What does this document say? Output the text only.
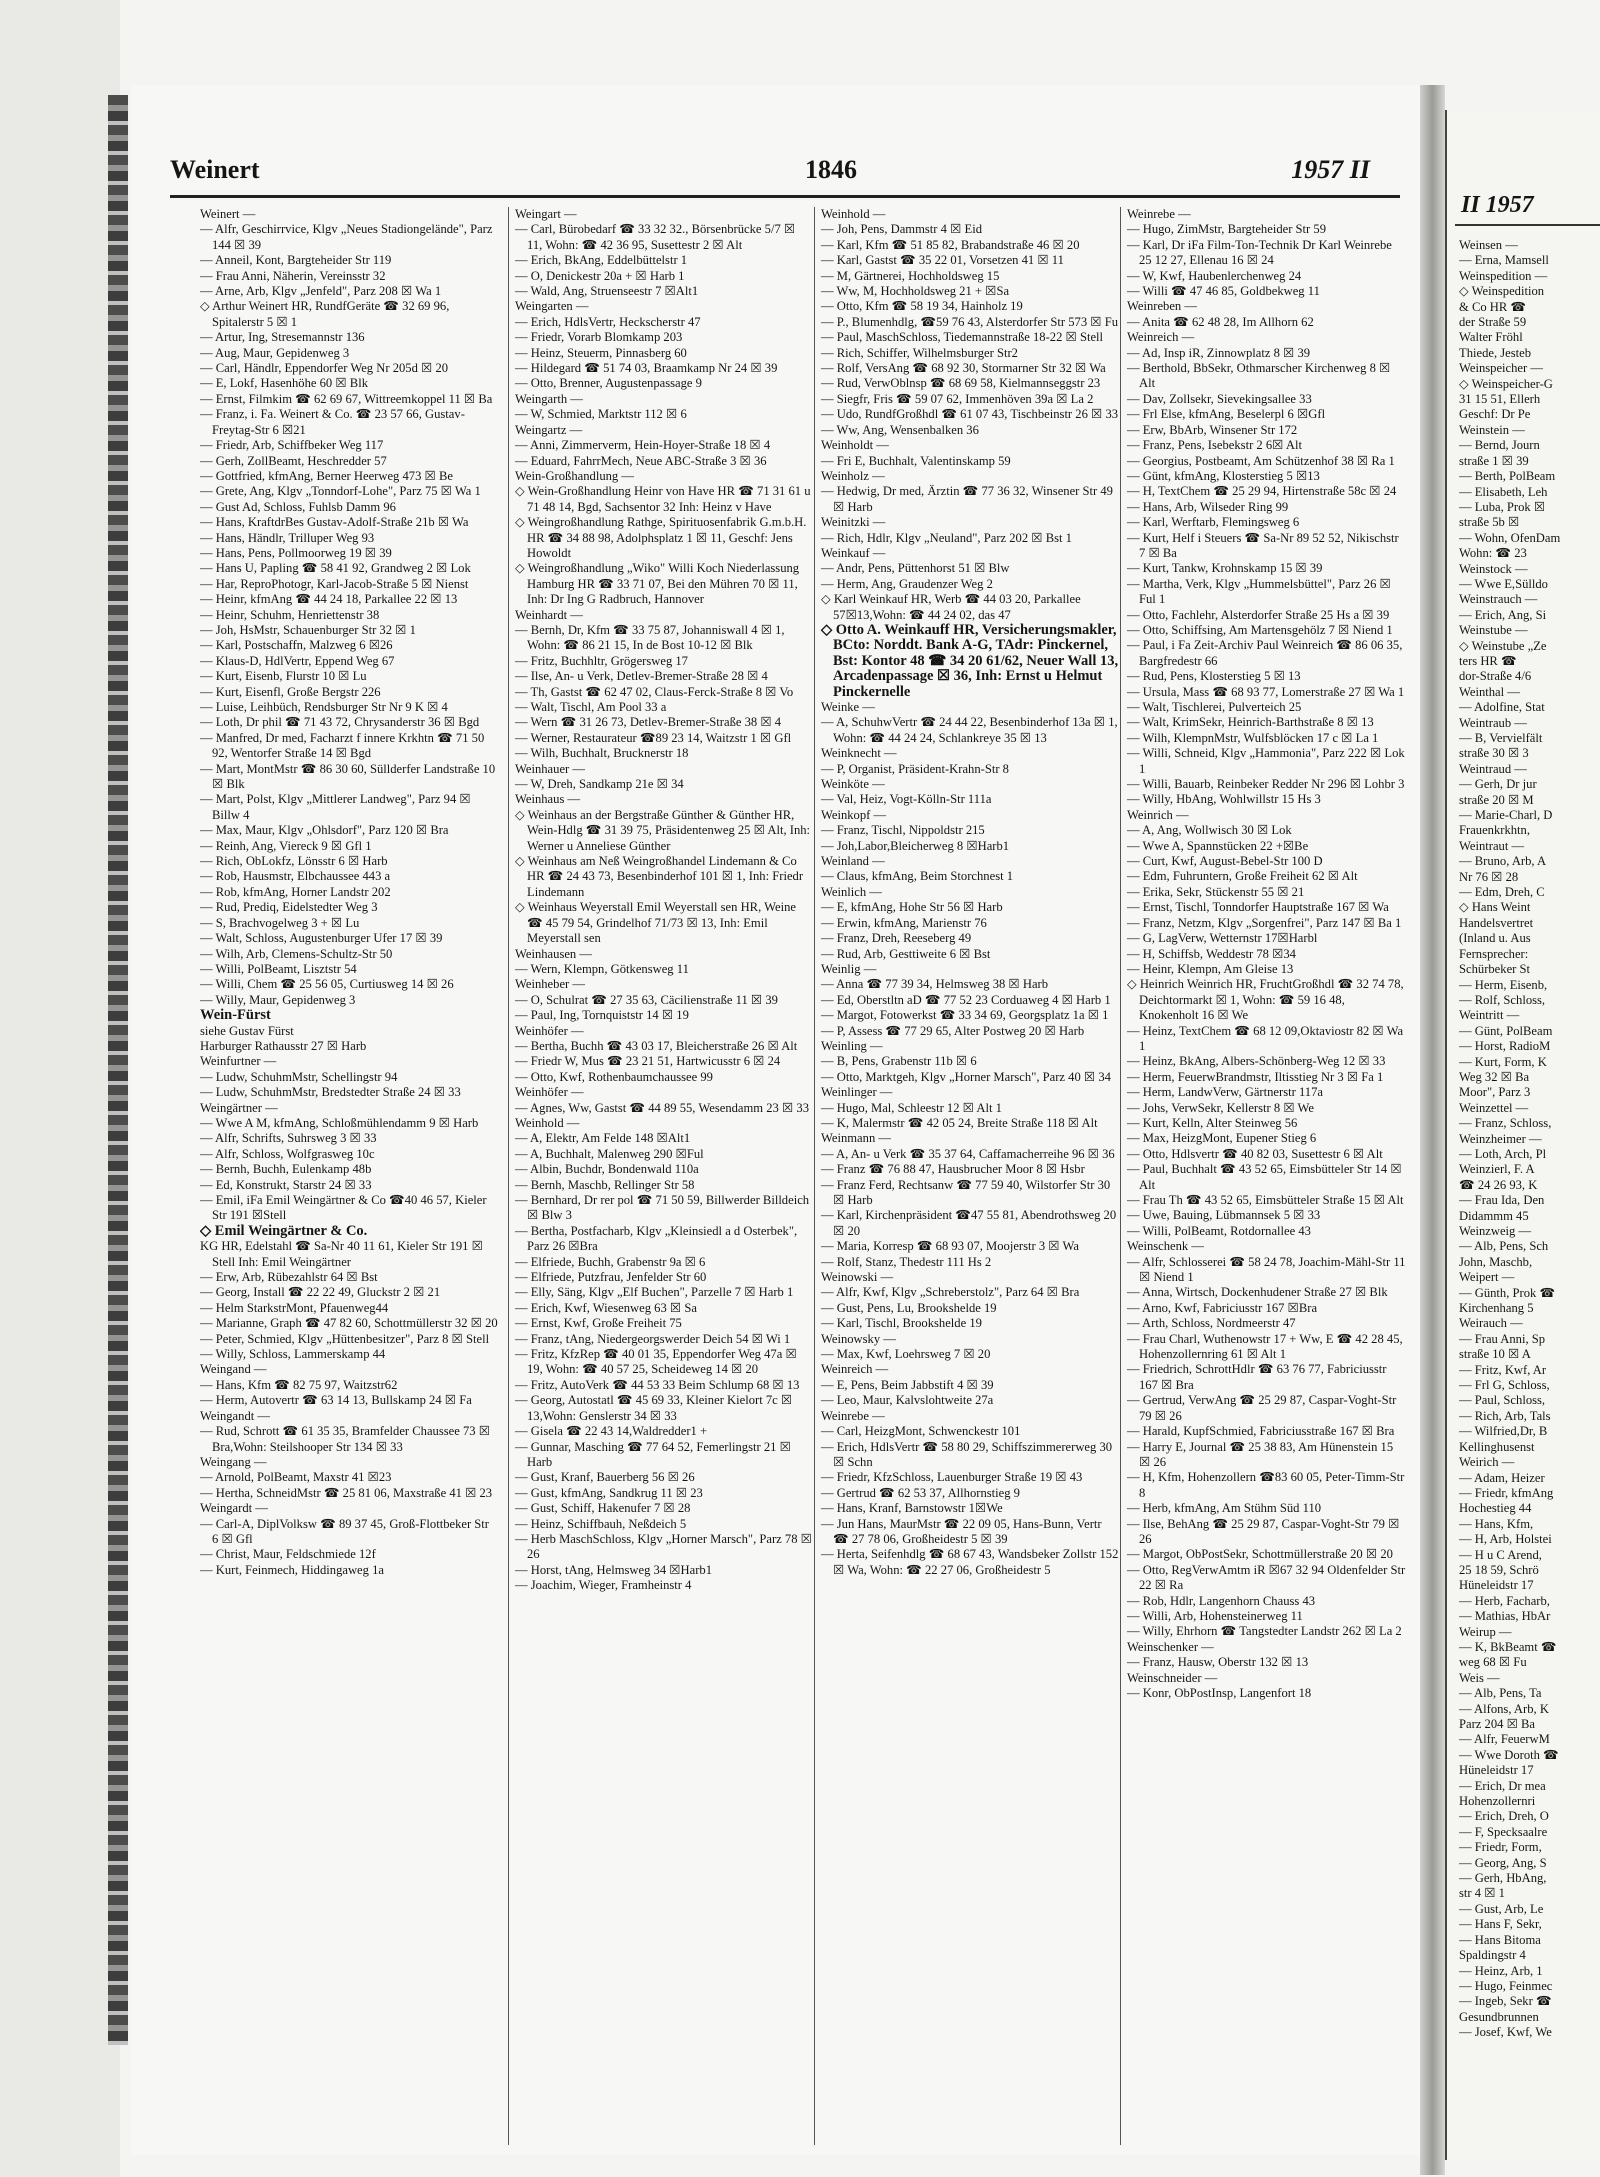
Weinert	1846	1957 II

Weinert —

— Alfr, Geschirrvice, Klgv „Neues Stadiongelände", Parz 144 ☒ 39

— Anneil, Kont, Bargteheider Str 119

— Frau Anni, Näherin, Vereinsstr 32

— Arne, Arb, Klgv „Jenfeld", Parz 208 ☒ Wa 1

◇ Arthur Weinert HR, RundfGeräte ☎ 32 69 96, Spitalerstr 5 ☒ 1

— Artur, Ing, Stresemannstr 136

— Aug, Maur, Gepidenweg 3

— Carl, Händlr, Eppendorfer Weg Nr 205d ☒ 20

— E, Lokf, Hasenhöhe 60 ☒ Blk

— Ernst, Filmkim ☎ 62 69 67, Wittreemkoppel 11 ☒ Ba

— Franz, i. Fa. Weinert & Co. ☎ 23 57 66, Gustav-Freytag-Str 6 ☒21

— Friedr, Arb, Schiffbeker Weg 117

— Gerh, ZollBeamt, Heschredder 57

— Gottfried, kfmAng, Berner Heerweg 473 ☒ Be

— Grete, Ang, Klgv „Tonndorf-Lohe", Parz 75 ☒ Wa 1

— Gust Ad, Schloss, Fuhlsb Damm 96

— Hans, KraftdrBes Gustav-Adolf-Straße 21b ☒ Wa

— Hans, Händlr, Trilluper Weg 93

— Hans, Pens, Pollmoorweg 19 ☒ 39

— Hans U, Papling ☎ 58 41 92, Grandweg 2 ☒ Lok

— Har, ReproPhotogr, Karl-Jacob-Straße 5 ☒ Nienst

— Heinr, kfmAng ☎ 44 24 18, Parkallee 22 ☒ 13

— Heinr, Schuhm, Henriettenstr 38

— Joh, HsMstr, Schauenburger Str 32 ☒ 1

— Karl, Postschaffn, Malzweg 6 ☒26

— Klaus-D, HdlVertr, Eppend Weg 67

— Kurt, Eisenb, Flurstr 10 ☒ Lu

— Kurt, Eisenfl, Große Bergstr 226

— Luise, Leihbüch, Rendsburger Str Nr 9 K ☒ 4

— Loth, Dr phil ☎ 71 43 72, Chrysanderstr 36 ☒ Bgd

— Manfred, Dr med, Facharzt f innere Krkhtn ☎ 71 50 92, Wentorfer Straße 14 ☒ Bgd

— Mart, MontMstr ☎ 86 30 60, Süllderfer Landstraße 10 ☒ Blk

— Mart, Polst, Klgv „Mittlerer Landweg", Parz 94 ☒ Billw 4

— Max, Maur, Klgv „Ohlsdorf", Parz 120 ☒ Bra

— Reinh, Ang, Viereck 9 ☒ Gfl 1

— Rich, ObLokfz, Lönsstr 6 ☒ Harb

— Rob, Hausmstr, Elbchaussee 443 a

— Rob, kfmAng, Horner Landstr 202

— Rud, Prediq, Eidelstedter Weg 3

— S, Brachvogelweg 3 + ☒ Lu

— Walt, Schloss, Augustenburger Ufer 17 ☒ 39

— Wilh, Arb, Clemens-Schultz-Str 50

— Willi, PolBeamt, Lisztstr 54

— Willi, Chem ☎ 25 56 05, Curtiusweg 14 ☒ 26

— Willy, Maur, Gepidenweg 3

Wein-Fürst

siehe Gustav Fürst

Harburger Rathausstr 27 ☒ Harb

Weinfurtner —

— Ludw, SchuhmMstr, Schellingstr 94

— Ludw, SchuhmMstr, Bredstedter Straße 24 ☒ 33

Weingärtner —

— Wwe A M, kfmAng, Schloßmühlendamm 9 ☒ Harb

— Alfr, Schrifts, Suhrsweg 3 ☒ 33

— Alfr, Schloss, Wolfgrasweg 10c

— Bernh, Buchh, Eulenkamp 48b

— Ed, Konstrukt, Starstr 24 ☒ 33

— Emil, iFa Emil Weingärtner & Co ☎40 46 57, Kieler Str 191 ☒Stell

◇ Emil Weingärtner & Co.

KG HR, Edelstahl ☎ Sa-Nr 40 11 61, Kieler Str 191 ☒ Stell Inh: Emil Weingärtner

— Erw, Arb, Rübezahlstr 64 ☒ Bst

— Georg, Install ☎ 22 22 49, Gluckstr 2 ☒ 21

— Helm StarkstrMont, Pfauenweg44

— Marianne, Graph ☎ 47 82 60, Schottmüllerstr 32 ☒ 20

— Peter, Schmied, Klgv „Hüttenbesitzer", Parz 8 ☒ Stell

— Willy, Schloss, Lammerskamp 44

Weingand —

— Hans, Kfm ☎ 82 75 97, Waitzstr62

— Herm, Autovertr ☎ 63 14 13, Bullskamp 24 ☒ Fa

Weingandt —

— Rud, Schrott ☎ 61 35 35, Bramfelder Chaussee 73 ☒ Bra,Wohn: Steilshooper Str 134 ☒ 33

Weingang —

— Arnold, PolBeamt, Maxstr 41 ☒23

— Hertha, SchneidMstr ☎ 25 81 06, Maxstraße 41 ☒ 23

Weingardt —

— Carl-A, DiplVolksw ☎ 89 37 45, Groß-Flottbeker Str 6 ☒ Gfl

— Christ, Maur, Feldschmiede 12f

— Kurt, Feinmech, Hiddingaweg 1a

Weingart —

— Carl, Bürobedarf ☎ 33 32 32., Börsenbrücke 5/7 ☒ 11, Wohn: ☎ 42 36 95, Susettestr 2 ☒ Alt

— Erich, BkAng, Eddelbüttelstr 1

— O, Denickestr 20a + ☒ Harb 1

— Wald, Ang, Struenseestr 7 ☒Alt1

Weingarten —

— Erich, HdlsVertr, Heckscherstr 47

— Friedr, Vorarb Blomkamp 203

— Heinz, Steuerm, Pinnasberg 60

— Hildegard ☎ 51 74 03, Braamkamp Nr 24 ☒ 39

— Otto, Brenner, Augustenpassage 9

Weingarth —

— W, Schmied, Marktstr 112 ☒ 6

Weingartz —

— Anni, Zimmerverm, Hein-Hoyer-Straße 18 ☒ 4

— Eduard, FahrrMech, Neue ABC-Straße 3 ☒ 36

Wein-Großhandlung —

◇ Wein-Großhandlung Heinr von Have HR ☎ 71 31 61 u 71 48 14, Bgd, Sachsentor 32 Inh: Heinz v Have

◇ Weingroßhandlung Rathge, Spirituosenfabrik G.m.b.H. HR ☎ 34 88 98, Adolphsplatz 1 ☒ 11, Geschf: Jens Howoldt

◇ Weingroßhandlung „Wiko" Willi Koch Niederlassung Hamburg HR ☎ 33 71 07, Bei den Mühren 70 ☒ 11, Inh: Dr Ing G Radbruch, Hannover

Weinhardt —

— Bernh, Dr, Kfm ☎ 33 75 87, Johanniswall 4 ☒ 1, Wohn: ☎ 86 21 15, In de Bost 10-12 ☒ Blk

— Fritz, Buchhltr, Grögersweg 17

— Ilse, An- u Verk, Detlev-Bremer-Straße 28 ☒ 4

— Th, Gastst ☎ 62 47 02, Claus-Ferck-Straße 8 ☒ Vo

— Walt, Tischl, Am Pool 33 a

— Wern ☎ 31 26 73, Detlev-Bremer-Straße 38 ☒ 4

— Werner, Restaurateur ☎89 23 14, Waitzstr 1 ☒ Gfl

— Wilh, Buchhalt, Brucknerstr 18

Weinhauer —

— W, Dreh, Sandkamp 21e ☒ 34

Weinhaus —

◇ Weinhaus an der Bergstraße Günther & Günther HR, Wein-Hdlg ☎ 31 39 75, Präsidentenweg 25 ☒ Alt, Inh: Werner u Anneliese Günther

◇ Weinhaus am Neß Weingroßhandel Lindemann & Co HR ☎ 24 43 73, Besenbinderhof 101 ☒ 1, Inh: Friedr Lindemann

◇ Weinhaus Weyerstall Emil Weyerstall sen HR, Weine ☎ 45 79 54, Grindelhof 71/73 ☒ 13, Inh: Emil Meyerstall sen

Weinhausen —

— Wern, Klempn, Götkensweg 11

Weinheber —

— O, Schulrat ☎ 27 35 63, Cäcilienstraße 11 ☒ 39

— Paul, Ing, Tornquiststr 14 ☒ 19

Weinhöfer —

— Bertha, Buchh ☎ 43 03 17, Bleicherstraße 26 ☒ Alt

— Friedr W, Mus ☎ 23 21 51, Hartwicusstr 6 ☒ 24

— Otto, Kwf, Rothenbaumchaussee 99

Weinhöfer —

— Agnes, Ww, Gastst ☎ 44 89 55, Wesendamm 23 ☒ 33

Weinhold —

— A, Elektr, Am Felde 148 ☒Alt1

— A, Buchhalt, Malenweg 290 ☒Ful

— Albin, Buchdr, Bondenwald 110a

— Bernh, Maschb, Rellinger Str 58

— Bernhard, Dr rer pol ☎ 71 50 59, Billwerder Billdeich ☒ Blw 3

— Bertha, Postfacharb, Klgv „Kleinsiedl a d Osterbek", Parz 26 ☒Bra

— Elfriede, Buchh, Grabenstr 9a ☒ 6

— Elfriede, Putzfrau, Jenfelder Str 60

— Elly, Säng, Klgv „Elf Buchen", Parzelle 7 ☒ Harb 1

— Erich, Kwf, Wiesenweg 63 ☒ Sa

— Ernst, Kwf, Große Freiheit 75

— Franz, tAng, Niedergeorgswerder Deich 54 ☒ Wi 1

— Fritz, KfzRep ☎ 40 01 35, Eppendorfer Weg 47a ☒ 19, Wohn: ☎ 40 57 25, Scheideweg 14 ☒ 20

— Fritz, AutoVerk ☎ 44 53 33 Beim Schlump 68 ☒ 13

— Georg, Autostatl ☎ 45 69 33, Kleiner Kielort 7c ☒ 13,Wohn: Genslerstr 34 ☒ 33

— Gisela ☎ 22 43 14,Waldredder1 +

— Gunnar, Masching ☎ 77 64 52, Femerlingstr 21 ☒ Harb

— Gust, Kranf, Bauerberg 56 ☒ 26

— Gust, kfmAng, Sandkrug 11 ☒ 23

— Gust, Schiff, Hakenufer 7 ☒ 28

— Heinz, Schiffbauh, Neßdeich 5

— Herb MaschSchloss, Klgv „Horner Marsch", Parz 78 ☒ 26

— Horst, tAng, Helmsweg 34 ☒Harb1

— Joachim, Wieger, Framheinstr 4

Weinhold —

— Joh, Pens, Dammstr 4 ☒ Eid

— Karl, Kfm ☎ 51 85 82, Brabandstraße 46 ☒ 20

— Karl, Gastst ☎ 35 22 01, Vorsetzen 41 ☒ 11

— M, Gärtnerei, Hochholdsweg 15

— Ww, M, Hochholdsweg 21 + ☒Sa

— Otto, Kfm ☎ 58 19 34, Hainholz 19

— P., Blumenhdlg, ☎59 76 43, Alsterdorfer Str 573 ☒ Fu

— Paul, MaschSchloss, Tiedemannstraße 18-22 ☒ Stell

— Rich, Schiffer, Wilhelmsburger Str2

— Rolf, VersAng ☎ 68 92 30, Stormarner Str 32 ☒ Wa

— Rud, VerwOblnsp ☎ 68 69 58, Kielmannseggstr 23

— Siegfr, Fris ☎ 59 07 62, Immenhöven 39a ☒ La 2

— Udo, RundfGroßhdl ☎ 61 07 43, Tischbeinstr 26 ☒ 33

— Ww, Ang, Wensenbalken 36

Weinholdt —

— Fri E, Buchhalt, Valentinskamp 59

Weinholz —

— Hedwig, Dr med, Ärztin ☎ 77 36 32, Winsener Str 49 ☒ Harb

Weinitzki —

— Rich, Hdlr, Klgv „Neuland", Parz 202 ☒ Bst 1

Weinkauf —

— Andr, Pens, Püttenhorst 51 ☒ Blw

— Herm, Ang, Graudenzer Weg 2

◇ Karl Weinkauf HR, Werb ☎ 44 03 20, Parkallee 57☒13,Wohn: ☎ 44 24 02, das 47

◇ Otto A. Weinkauff HR, Versicherungsmakler, BCto: Norddt. Bank A-G, TAdr: Pinckernel, Bst: Kontor 48 ☎ 34 20 61/62, Neuer Wall 13, Arcadenpassage ☒ 36, Inh: Ernst u Helmut Pinckernelle

Weinke —

— A, SchuhwVertr ☎ 24 44 22, Besenbinderhof 13a ☒ 1, Wohn: ☎ 44 24 24, Schlankreye 35 ☒ 13

Weinknecht —

— P, Organist, Präsident-Krahn-Str 8

Weinköte —

— Val, Heiz, Vogt-Kölln-Str 111a

Weinkopf —

— Franz, Tischl, Nippoldstr 215

— Joh,Labor,Bleicherweg 8 ☒Harb1

Weinland —

— Claus, kfmAng, Beim Storchnest 1

Weinlich —

— E, kfmAng, Hohe Str 56 ☒ Harb

— Erwin, kfmAng, Marienstr 76

— Franz, Dreh, Reeseberg 49

— Rud, Arb, Gesttiweite 6 ☒ Bst

Weinlig —

— Anna ☎ 77 39 34, Helmsweg 38 ☒ Harb

— Ed, Oberstltn aD ☎ 77 52 23 Corduaweg 4 ☒ Harb 1

— Margot, Fotowerkst ☎ 33 34 69, Georgsplatz 1a ☒ 1

— P, Assess ☎ 77 29 65, Alter Postweg 20 ☒ Harb

Weinling —

— B, Pens, Grabenstr 11b ☒ 6

— Otto, Marktgeh, Klgv „Horner Marsch", Parz 40 ☒ 34

Weinlinger —

— Hugo, Mal, Schleestr 12 ☒ Alt 1

— K, Malermstr ☎ 42 05 24, Breite Straße 118 ☒ Alt

Weinmann —

— A, An- u Verk ☎ 35 37 64, Caffamacherreihe 96 ☒ 36

— Franz ☎ 76 88 47, Hausbrucher Moor 8 ☒ Hsbr

— Franz Ferd, Rechtsanw ☎ 77 59 40, Wilstorfer Str 30 ☒ Harb

— Karl, Kirchenpräsident ☎47 55 81, Abendrothsweg 20 ☒ 20

— Maria, Korresp ☎ 68 93 07, Moojerstr 3 ☒ Wa

— Rolf, Stanz, Thedestr 111 Hs 2

Weinowski —

— Alfr, Kwf, Klgv „Schreberstolz", Parz 64 ☒ Bra

— Gust, Pens, Lu, Brookshelde 19

— Karl, Tischl, Brookshelde 19

Weinowsky —

— Max, Kwf, Loehrsweg 7 ☒ 20

Weinreich —

— E, Pens, Beim Jabbstift 4 ☒ 39

— Leo, Maur, Kalvslohtweite 27a

Weinrebe —

— Carl, HeizgMont, Schwenckestr 101

— Erich, HdlsVertr ☎ 58 80 29, Schiffszimmererweg 30 ☒ Schn

— Friedr, KfzSchloss, Lauenburger Straße 19 ☒ 43

— Gertrud ☎ 62 53 37, Allhornstieg 9

— Hans, Kranf, Barnstowstr 1☒We

— Jun Hans, MaurMstr ☎ 22 09 05, Hans-Bunn, Vertr ☎ 27 78 06, Großheidestr 5 ☒ 39

— Herta, Seifenhdlg ☎ 68 67 43, Wandsbeker Zollstr 152 ☒ Wa, Wohn: ☎ 22 27 06, Großheidestr 5

Weinrebe —

— Hugo, ZimMstr, Bargteheider Str 59

— Karl, Dr iFa Film-Ton-Technik Dr Karl Weinrebe 25 12 27, Ellenau 16 ☒ 24

— W, Kwf, Haubenlerchenweg 24

— Willi ☎ 47 46 85, Goldbekweg 11

Weinreben —

— Anita ☎ 62 48 28, Im Allhorn 62

Weinreich —

— Ad, Insp iR, Zinnowplatz 8 ☒ 39

— Berthold, BbSekr, Othmarscher Kirchenweg 8 ☒ Alt

— Dav, Zollsekr, Sievekingsallee 33

— Frl Else, kfmAng, Beselerpl 6 ☒Gfl

— Erw, BbArb, Winsener Str 172

— Franz, Pens, Isebekstr 2 6☒ Alt

— Georgius, Postbeamt, Am Schützenhof 38 ☒ Ra 1

— Günt, kfmAng, Klosterstieg 5 ☒13

— H, TextChem ☎ 25 29 94, Hirtenstraße 58c ☒ 24

— Hans, Arb, Wilseder Ring 99

— Karl, Werftarb, Flemingsweg 6

— Kurt, Helf i Steuers ☎ Sa-Nr 89 52 52, Nikischstr 7 ☒ Ba

— Kurt, Tankw, Krohnskamp 15 ☒ 39

— Martha, Verk, Klgv „Hummelsbüttel", Parz 26 ☒ Ful 1

— Otto, Fachlehr, Alsterdorfer Straße 25 Hs a ☒ 39

— Otto, Schiffsing, Am Martensgehölz 7 ☒ Niend 1

— Paul, i Fa Zeit-Archiv Paul Weinreich ☎ 86 06 35, Bargfredestr 66

— Rud, Pens, Klosterstieg 5 ☒ 13

— Ursula, Mass ☎ 68 93 77, Lomerstraße 27 ☒ Wa 1

— Walt, Tischlerei, Pulverteich 25

— Walt, KrimSekr, Heinrich-Barthstraße 8 ☒ 13

— Wilh, KlempnMstr, Wulfsblöcken 17 c ☒ La 1

— Willi, Schneid, Klgv „Hammonia", Parz 222 ☒ Lok 1

— Willi, Bauarb, Reinbeker Redder Nr 296 ☒ Lohbr 3

— Willy, HbAng, Wohlwillstr 15 Hs 3

Weinrich —

— A, Ang, Wollwisch 30 ☒ Lok

— Wwe A, Spannstücken 22 +☒Be

— Curt, Kwf, August-Bebel-Str 100 D

— Edm, Fuhruntern, Große Freiheit 62 ☒ Alt

— Erika, Sekr, Stückenstr 55 ☒ 21

— Ernst, Tischl, Tonndorfer Hauptstraße 167 ☒ Wa

— Franz, Netzm, Klgv „Sorgenfrei", Parz 147 ☒ Ba 1

— G, LagVerw, Wetternstr 17☒Harbl

— H, Schiffsb, Weddestr 78 ☒34

— Heinr, Klempn, Am Gleise 13

◇ Heinrich Weinrich HR, FruchtGroßhdl ☎ 32 74 78, Deichtormarkt ☒ 1, Wohn: ☎ 59 16 48, Knokenholt 16 ☒ We

— Heinz, TextChem ☎ 68 12 09,Oktaviostr 82 ☒ Wa 1

— Heinz, BkAng, Albers-Schönberg-Weg 12 ☒ 33

— Herm, FeuerwBrandmstr, Iltisstieg Nr 3 ☒ Fa 1

— Herm, LandwVerw, Gärtnerstr 117a

— Johs, VerwSekr, Kellerstr 8 ☒ We

— Kurt, Kelln, Alter Steinweg 56

— Max, HeizgMont, Eupener Stieg 6

— Otto, Hdlsvertr ☎ 40 82 03, Susettestr 6 ☒ Alt

— Paul, Buchhalt ☎ 43 52 65, Eimsbütteler Str 14 ☒ Alt

— Frau Th ☎ 43 52 65, Eimsbütteler Straße 15 ☒ Alt

— Uwe, Bauing, Lübmannsek 5 ☒ 33

— Willi, PolBeamt, Rotdornallee 43

Weinschenk —

— Alfr, Schlosserei ☎ 58 24 78, Joachim-Mähl-Str 11 ☒ Niend 1

— Anna, Wirtsch, Dockenhudener Straße 27 ☒ Blk

— Arno, Kwf, Fabriciusstr 167 ☒Bra

— Arth, Schloss, Nordmeerstr 47

— Frau Charl, Wuthenowstr 17 + Ww, E ☎ 42 28 45, Hohenzollernring 61 ☒ Alt 1

— Friedrich, SchrottHdlr ☎ 63 76 77, Fabriciusstr 167 ☒ Bra

— Gertrud, VerwAng ☎ 25 29 87, Caspar-Voght-Str 79 ☒ 26

— Harald, KupfSchmied, Fabriciusstraße 167 ☒ Bra

— Harry E, Journal ☎ 25 38 83, Am Hünenstein 15 ☒ 26

— H, Kfm, Hohenzollern ☎83 60 05, Peter-Timm-Str 8

— Herb, kfmAng, Am Stühm Süd 110

— Ilse, BehAng ☎ 25 29 87, Caspar-Voght-Str 79 ☒ 26

— Margot, ObPostSekr, Schottmüllerstraße 20 ☒ 20

— Otto, RegVerwAmtm iR ☒67 32 94 Oldenfelder Str 22 ☒ Ra

— Rob, Hdlr, Langenhorn Chauss 43

— Willi, Arb, Hohensteinerweg 11

— Willy, Ehrhorn ☎ Tangstedter Landstr 262 ☒ La 2

Weinschenker —

— Franz, Hausw, Oberstr 132 ☒ 13

Weinschneider —

— Konr, ObPostInsp, Langenfort 18

II 1957
Weinsen —
— Erna, Mamsell
Weinspedition —
◇ Weinspedition
& Co HR ☎
der Straße 59
Walter Fröhl
Thiede, Jesteb
Weinspeicher —
◇ Weinspeicher-G
31 15 51, Ellerh
Geschf: Dr Pe
Weinstein —
— Bernd, Journ
straße 1 ☒ 39
— Berth, PolBeam
— Elisabeth, Leh
— Luba, Prok ☒
straße 5b ☒
— Wohn, OfenDam
Wohn: ☎ 23
Weinstock —
— Wwe E,Sülldo
Weinstrauch —
— Erich, Ang, Si
Weinstube —
◇ Weinstube „Ze
ters HR ☎
dor-Straße 4/6
Weinthal —
— Adolfine, Stat
Weintraub —
— B, Vervielfält
straße 30 ☒ 3
Weintraud —
— Gerh, Dr jur
straße 20 ☒ M
— Marie-Charl, D
Frauenkrkhtn,
Weintraut —
— Bruno, Arb, A
Nr 76 ☒ 28
— Edm, Dreh, C
◇ Hans Weint
Handelsvertret
(Inland u. Aus
Fernsprecher:
Schürbeker St
— Herm, Eisenb,
— Rolf, Schloss,
Weintritt —
— Günt, PolBeam
— Horst, RadioM
— Kurt, Form, K
Weg 32 ☒ Ba
Moor", Parz 3
Weinzettel —
— Franz, Schloss,
Weinzheimer —
— Loth, Arch, Pl
Weinzierl, F. A
☎ 24 26 93, K
— Frau Ida, Den
Didammm 45
Weinzweig —
— Alb, Pens, Sch
John, Maschb,
Weipert —
— Günth, Prok ☎
Kirchenhang 5
Weirauch —
— Frau Anni, Sp
straße 10 ☒ A
— Fritz, Kwf, Ar
— Frl G, Schloss,
— Paul, Schloss,
— Rich, Arb, Tals
— Wilfried,Dr, B
Kellinghusenst
Weirich —
— Adam, Heizer
— Friedr, kfmAng
Hochestieg 44
— Hans, Kfm,
— H, Arb, Holstei
— H u C Arend,
25 18 59, Schrö
Hüneleidstr 17
— Herb, Facharb,
— Mathias, HbAr
Weirup —
— K, BkBeamt ☎
weg 68 ☒ Fu
Weis —
— Alb, Pens, Ta
— Alfons, Arb, K
Parz 204 ☒ Ba
— Alfr, FeuerwM
— Wwe Doroth ☎
Hüneleidstr 17
— Erich, Dr mea
Hohenzollernri
— Erich, Dreh, O
— F, Specksaalre
— Friedr, Form,
— Georg, Ang, S
— Gerh, HbAng,
str 4 ☒ 1
— Gust, Arb, Le
— Hans F, Sekr,
— Hans Bitoma
Spaldingstr 4
— Heinz, Arb, 1
— Hugo, Feinmec
— Ingeb, Sekr ☎
Gesundbrunnen
— Josef, Kwf, We
